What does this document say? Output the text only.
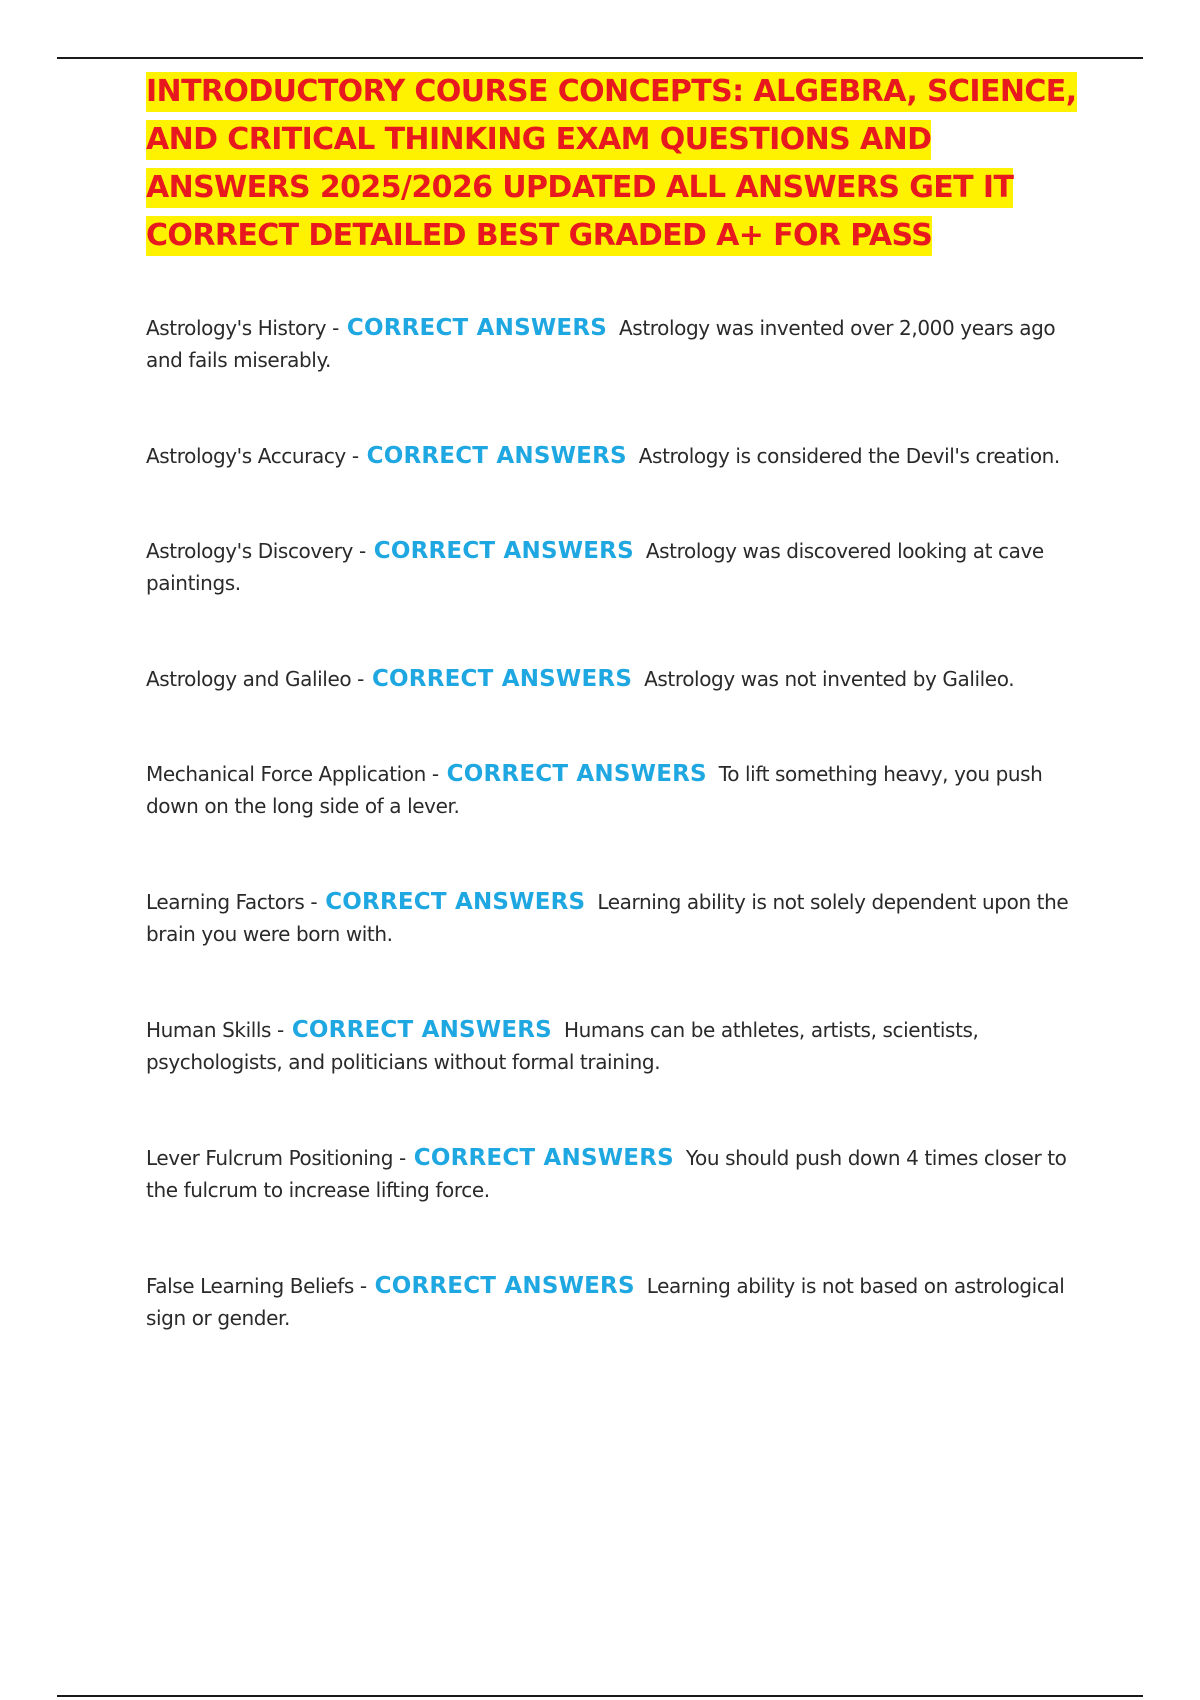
INTRODUCTORY COURSE CONCEPTS: ALGEBRA, SCIENCE, AND CRITICAL THINKING EXAM QUESTIONS AND ANSWERS 2025/2026 UPDATED ALL ANSWERS GET IT CORRECT DETAILED BEST GRADED A+ FOR PASS

Astrology's History - CORRECT ANSWERS Astrology was invented over 2,000 years ago and fails miserably.

Astrology's Accuracy - CORRECT ANSWERS Astrology is considered the Devil's creation.

Astrology's Discovery - CORRECT ANSWERS Astrology was discovered looking at cave paintings.

Astrology and Galileo - CORRECT ANSWERS Astrology was not invented by Galileo.

Mechanical Force Application - CORRECT ANSWERS To lift something heavy, you push down on the long side of a lever.

Learning Factors - CORRECT ANSWERS Learning ability is not solely dependent upon the brain you were born with.

Human Skills - CORRECT ANSWERS Humans can be athletes, artists, scientists, psychologists, and politicians without formal training.

Lever Fulcrum Positioning - CORRECT ANSWERS You should push down 4 times closer to the fulcrum to increase lifting force.

False Learning Beliefs - CORRECT ANSWERS Learning ability is not based on astrological sign or gender.
